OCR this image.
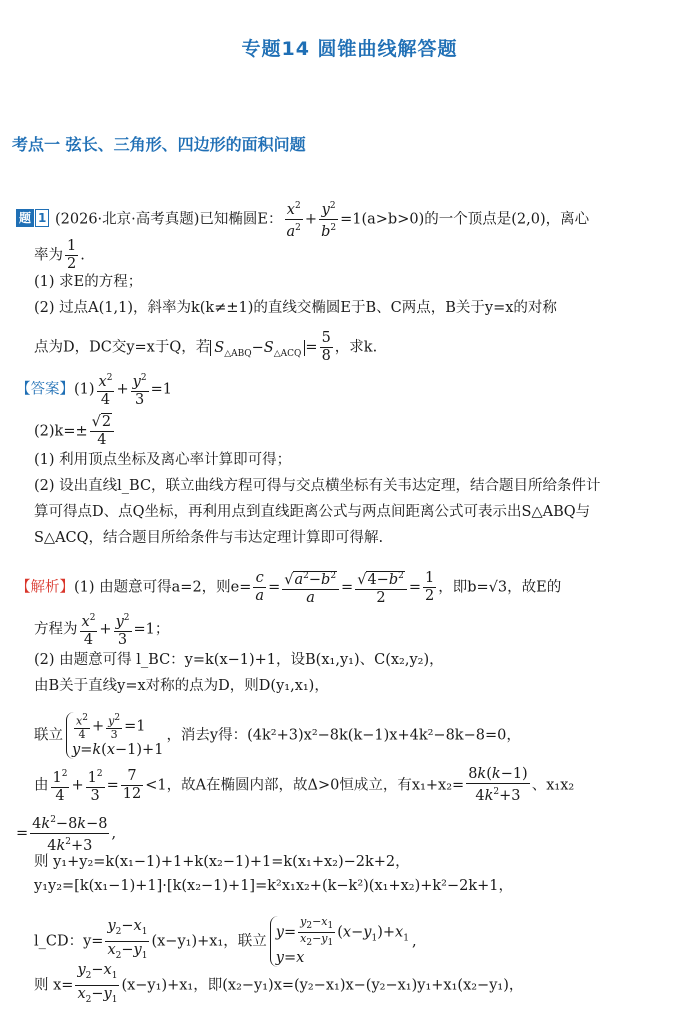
专题14 圆锥曲线解答题
考点一 弦长、三角形、四边形的面积问题
题 1 (2026·北京·高考真题)已知椭圆E： $\frac{x^2}{a^2} + \frac{y^2}{b^2} =1(a>b>0)$的一个顶点是(2,0)，离心
率为 $\frac{1}{2}$ .
(1) 求E的方程；
(2) 过点A(1,1)，斜率为k(k≠±1)的直线交椭圆E于B、C两点，B关于y=x的对称
点为D，DC交y=x于Q，若 $S_{\triangle ABQ}-S_{\triangle ACQ} = \frac{5}{8}$ ，求k.
【答案】$(1) \frac{x^2}{4} + \frac{y^2}{3} =1$
$(2)k=\pm \frac{√2}{4}$
(1) 利用顶点坐标及离心率计算即可得；
(2) 设出直线l_BC，联立曲线方程可得与交点横坐标有关韦达定理，结合题目所给条件计
算可得点D、点Q坐标，再利用点到直线距离公式与两点间距离公式可表示出S△ABQ与
S△ACQ，结合题目所给条件与韦达定理计算即可得解.
【解析】(1) 由题意可得a=2，则$e= \frac{c}{a} = \frac{√a^2-b^2}{a} = \frac{√4-b^2}{2} = \frac{1}{2}$ ，即b=√3，故E的
方程为 $\frac{x^2}{4} + \frac{y^2}{3} =1$；
(2) 由题意可得 l_BC：y=k(x−1)+1，设B(x₁,y₁)、C(x₂,y₂)，
由B关于直线y=x对称的点为D，则D(y₁,x₁)，
联立 $\frac{x^2}{4} + \frac{y^2}{3} =1$
y=k(x−1)+1
，消去y得：(4k²+3)x²−8k(k−1)x+4k²−8k−8=0，
由 $\frac{1^2}{4} + \frac{1^2}{3} = \frac{7}{12} <1$，故A在椭圆内部，故Δ>0恒成立，有$x_1+x_2= \frac{8k(k-1)}{4k^2+3}$ 、x₁x₂
= $\frac{4k^2-8k-8}{4k^2+3}$ ,
则 y₁+y₂=k(x₁−1)+1+k(x₂−1)+1=k(x₁+x₂)−2k+2，
y₁y₂=[k(x₁−1)+1]·[k(x₂−1)+1]=k²x₁x₂+(k−k²)(x₁+x₂)+k²−2k+1，
l_CD：$y= \frac{y_2-x_1}{x_2-y_1} (x-y_1)+x_1$，联立
$y= \frac{y_2-x_1}{x_2-y_1} (x-y_1)+x_1$
y=x
,
则 $x= \frac{y_2-x_1}{x_2-y_1} (x-y_1)+x_1$，即(x₂−y₁)x=(y₂−x₁)x−(y₂−x₁)y₁+x₁(x₂−y₁)，
